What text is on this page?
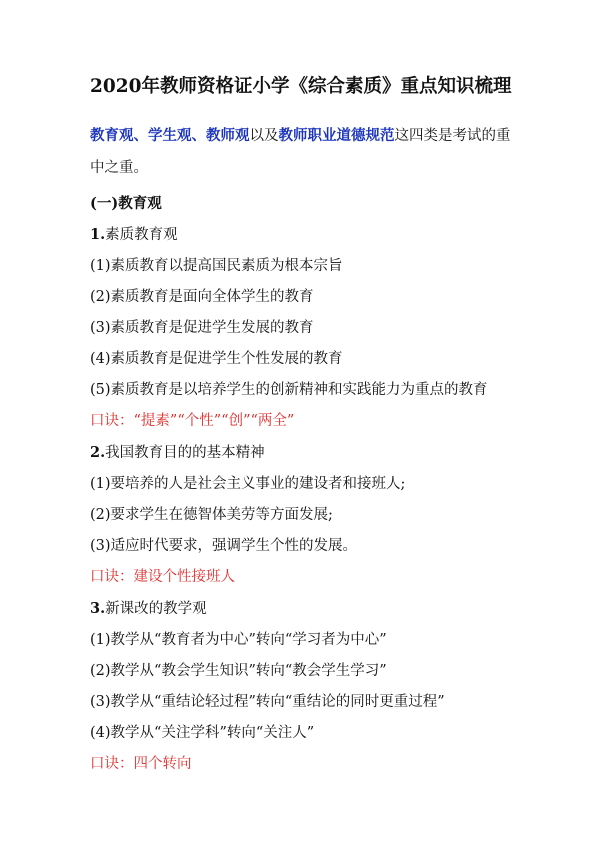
2020年教师资格证小学《综合素质》重点知识梳理

教育观、学生观、教师观以及教师职业道德规范这四类是考试的重中之重。

(一)教育观

1.素质教育观

(1)素质教育以提高国民素质为根本宗旨

(2)素质教育是面向全体学生的教育

(3)素质教育是促进学生发展的教育

(4)素质教育是促进学生个性发展的教育

(5)素质教育是以培养学生的创新精神和实践能力为重点的教育

口诀：“提素”“个性”“创”“两全”

2.我国教育目的的基本精神

(1)要培养的人是社会主义事业的建设者和接班人;

(2)要求学生在德智体美劳等方面发展;

(3)适应时代要求，强调学生个性的发展。

口诀：建设个性接班人

3.新课改的教学观

(1)教学从“教育者为中心”转向“学习者为中心”

(2)教学从“教会学生知识”转向“教会学生学习”

(3)教学从“重结论轻过程”转向“重结论的同时更重过程”

(4)教学从“关注学科”转向“关注人”

口诀：四个转向
